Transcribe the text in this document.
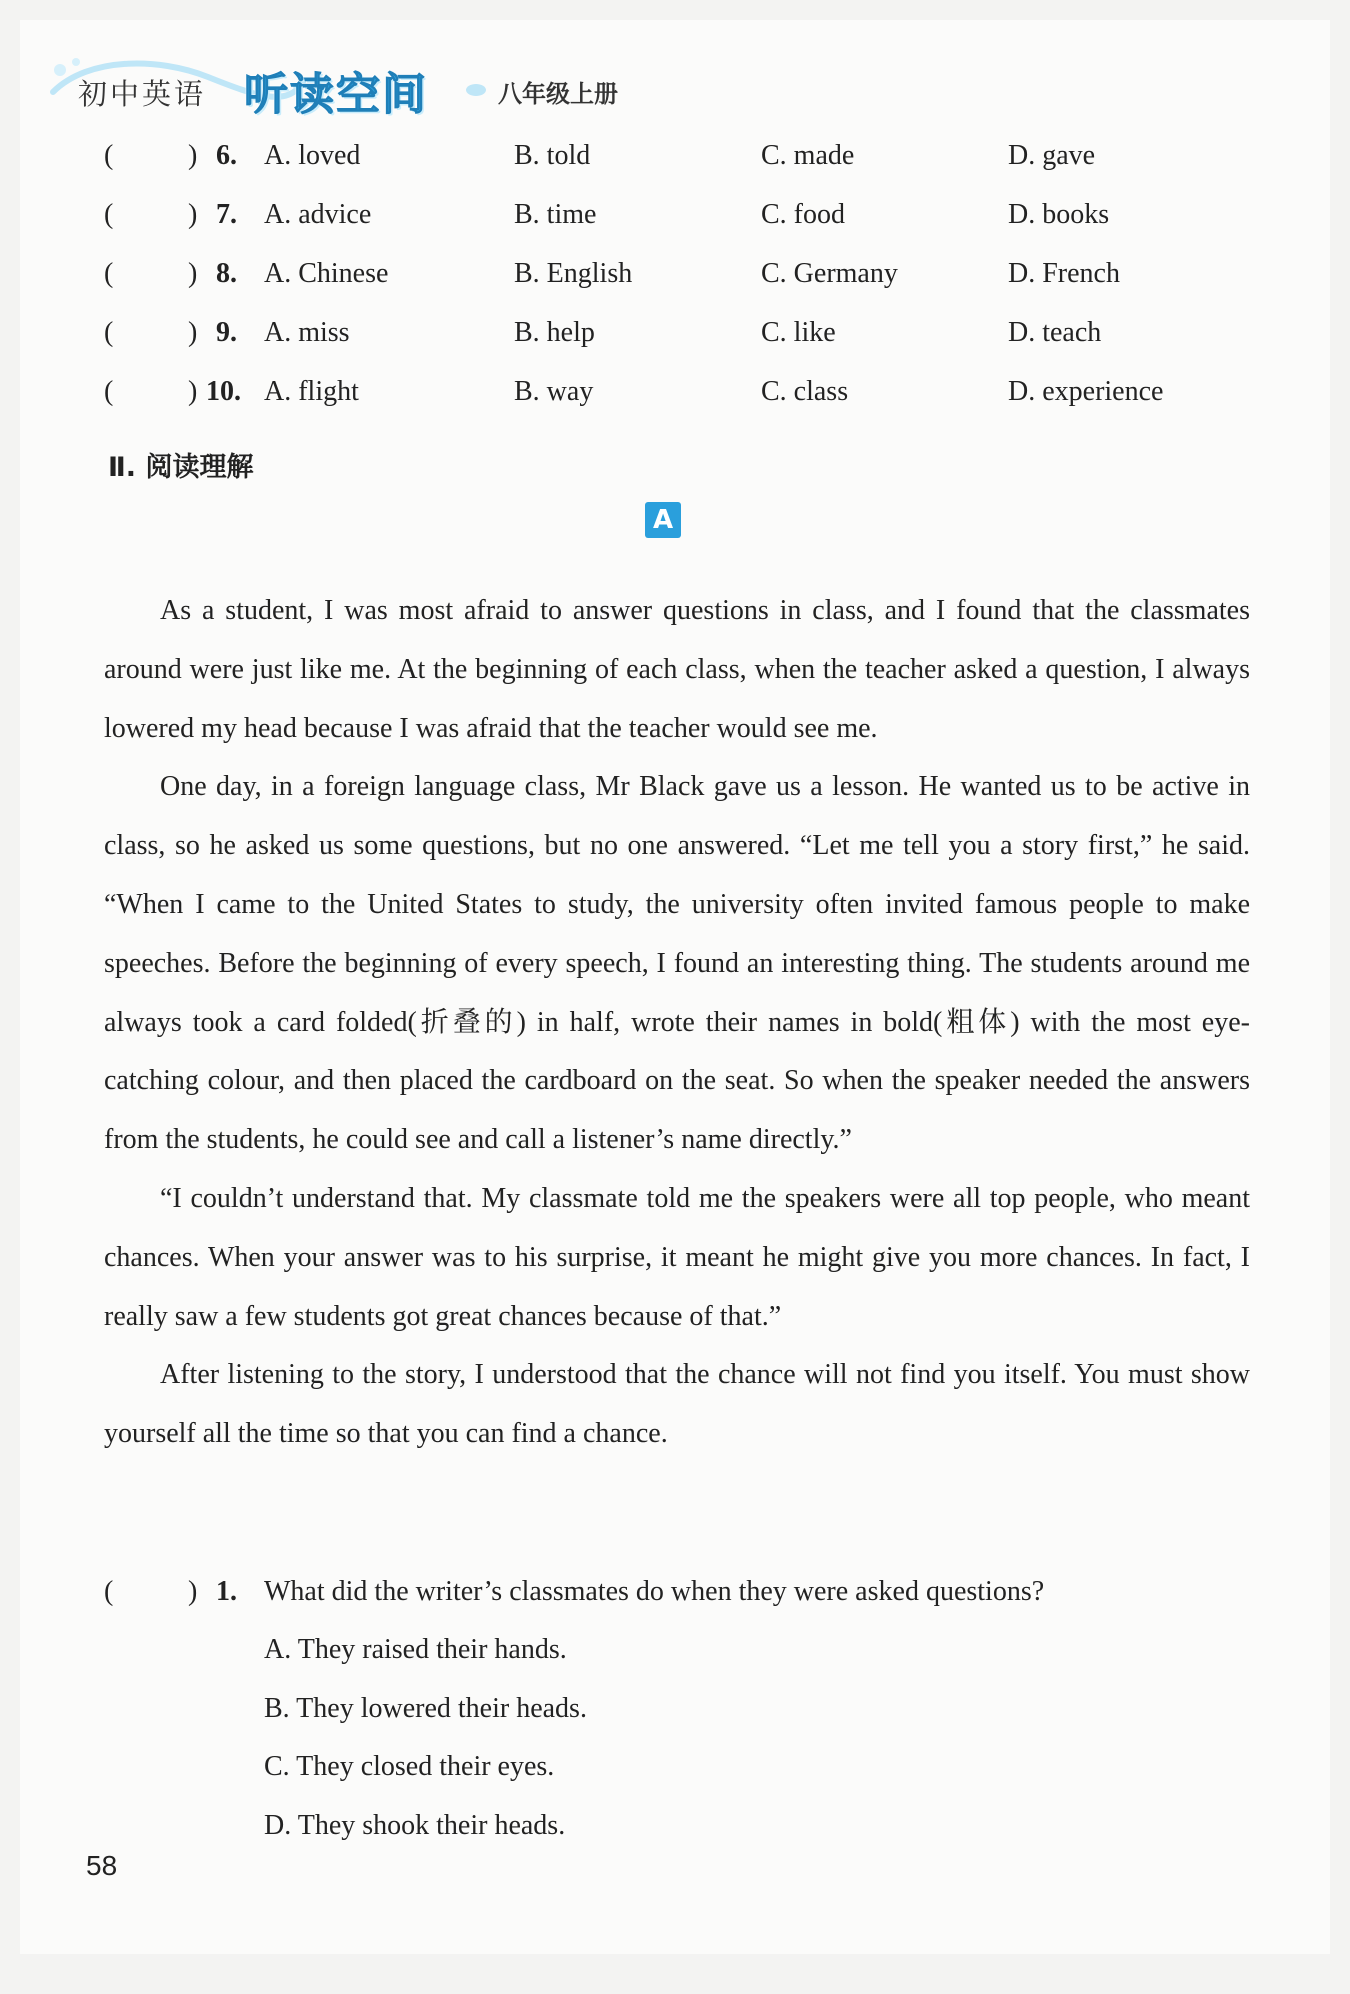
初中英语 听读空间	八年级上册
(	) 6. A. loved	B. told	C. made	D. gave
(	) 7. A. advice	B. time	C. food	D. books
(	) 8. A. Chinese	B. English	C. Germany	D. French
(	) 9. A. miss	B. help	C. like	D. teach
(	) 10. A. flight	B. way	C. class	D. experience
Ⅱ. 阅读理解
A

As a student, I was most afraid to answer questions in class, and I found that the classmates around were just like me. At the beginning of each class, when the teacher asked a question, I always lowered my head because I was afraid that the teacher would see me.

One day, in a foreign language class, Mr Black gave us a lesson. He wanted us to be active in class, so he asked us some questions, but no one answered. “Let me tell you a story first,” he said. “When I came to the United States to study, the university often invited famous people to make speeches. Before the beginning of every speech, I found an interesting thing. The students around me always took a card folded(折叠的) in half, wrote their names in bold(粗体) with the most eye-catching colour, and then placed the cardboard on the seat. So when the speaker needed the answers from the students, he could see and call a listener’s name directly.”

“I couldn’t understand that. My classmate told me the speakers were all top people, who meant chances. When your answer was to his surprise, it meant he might give you more chances. In fact, I really saw a few students got great chances because of that.”

After listening to the story, I understood that the chance will not find you itself. You must show yourself all the time so that you can find a chance.

(	) 1. What did the writer’s classmates do when they were asked questions?
A. They raised their hands.
B. They lowered their heads.
C. They closed their eyes.
D. They shook their heads.
58
